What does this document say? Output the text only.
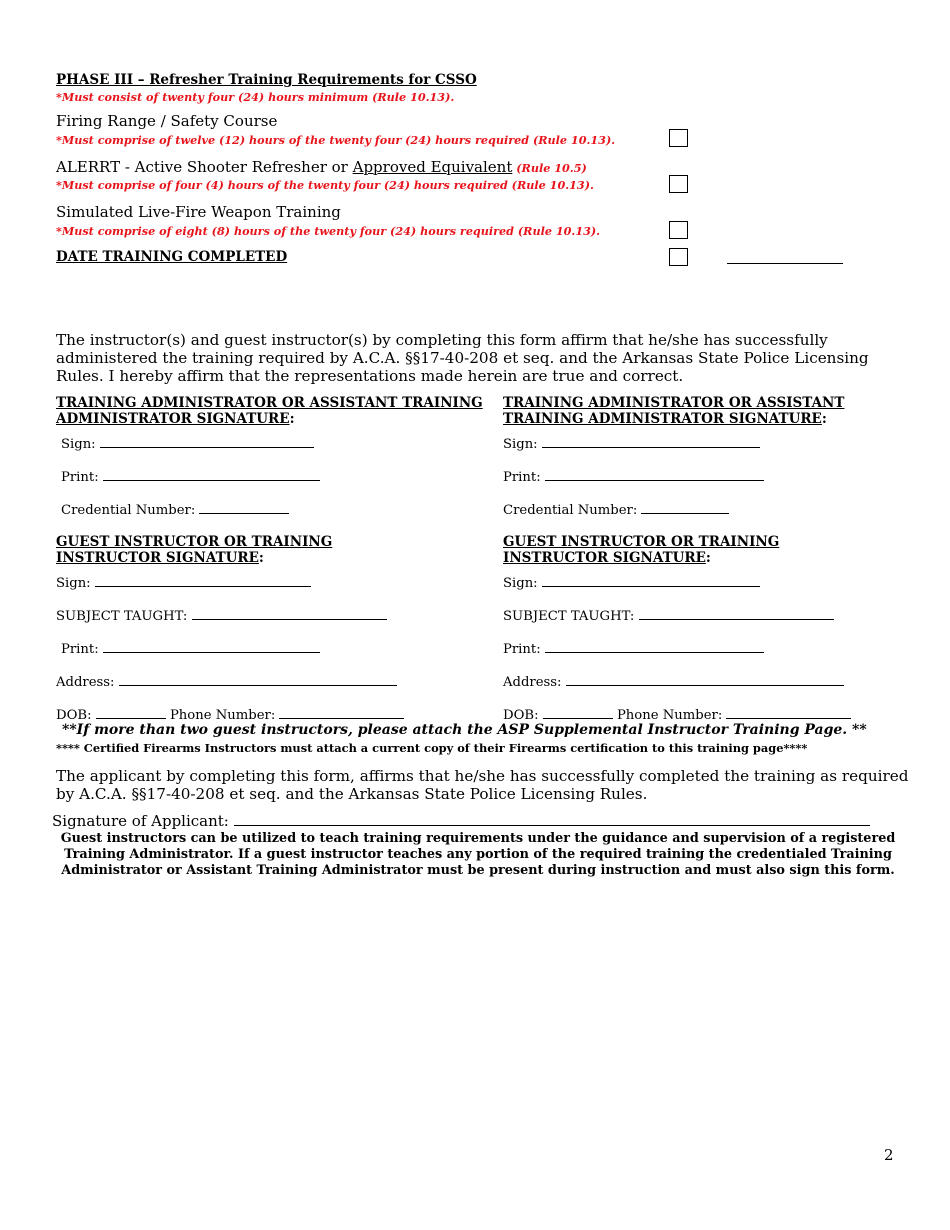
PHASE III – Refresher Training Requirements for CSSO
*Must consist of twenty four (24) hours minimum (Rule 10.13).
Firing Range / Safety Course
*Must comprise of twelve (12) hours of the twenty four (24) hours required (Rule 10.13).
ALERRT - Active Shooter Refresher or Approved Equivalent (Rule 10.5)
*Must comprise of four (4) hours of the twenty four (24) hours required (Rule 10.13).
Simulated Live-Fire Weapon Training
*Must comprise of eight (8) hours of the twenty four (24) hours required (Rule 10.13).
DATE TRAINING COMPLETED
The instructor(s) and guest instructor(s) by completing this form affirm that he/she has successfully administered the training required by A.C.A. §§17-40-208 et seq. and the Arkansas State Police Licensing Rules. I hereby affirm that the representations made herein are true and correct.
TRAINING ADMINISTRATOR OR ASSISTANT TRAINING
ADMINISTRATOR SIGNATURE:
TRAINING ADMINISTRATOR OR ASSISTANT
TRAINING ADMINISTRATOR SIGNATURE:
Sign:
Print:
Credential Number:
Sign:
Print:
Credential Number:
GUEST INSTRUCTOR OR TRAINING
INSTRUCTOR SIGNATURE:
GUEST INSTRUCTOR OR TRAINING
INSTRUCTOR SIGNATURE:
Sign:
SUBJECT TAUGHT:
Print:
Address:
DOB:	Phone Number:
Sign:
SUBJECT TAUGHT:
Print:
Address:
DOB:	Phone Number:
**If more than two guest instructors, please attach the ASP Supplemental Instructor Training Page. **
**** Certified Firearms Instructors must attach a current copy of their Firearms certification to this training page****
The applicant by completing this form, affirms that he/she has successfully completed the training as required by A.C.A. §§17-40-208 et seq. and the Arkansas State Police Licensing Rules.
Signature of Applicant:
Guest instructors can be utilized to teach training requirements under the guidance and supervision of a registered Training Administrator. If a guest instructor teaches any portion of the required training the credentialed Training Administrator or Assistant Training Administrator must be present during instruction and must also sign this form.
2
